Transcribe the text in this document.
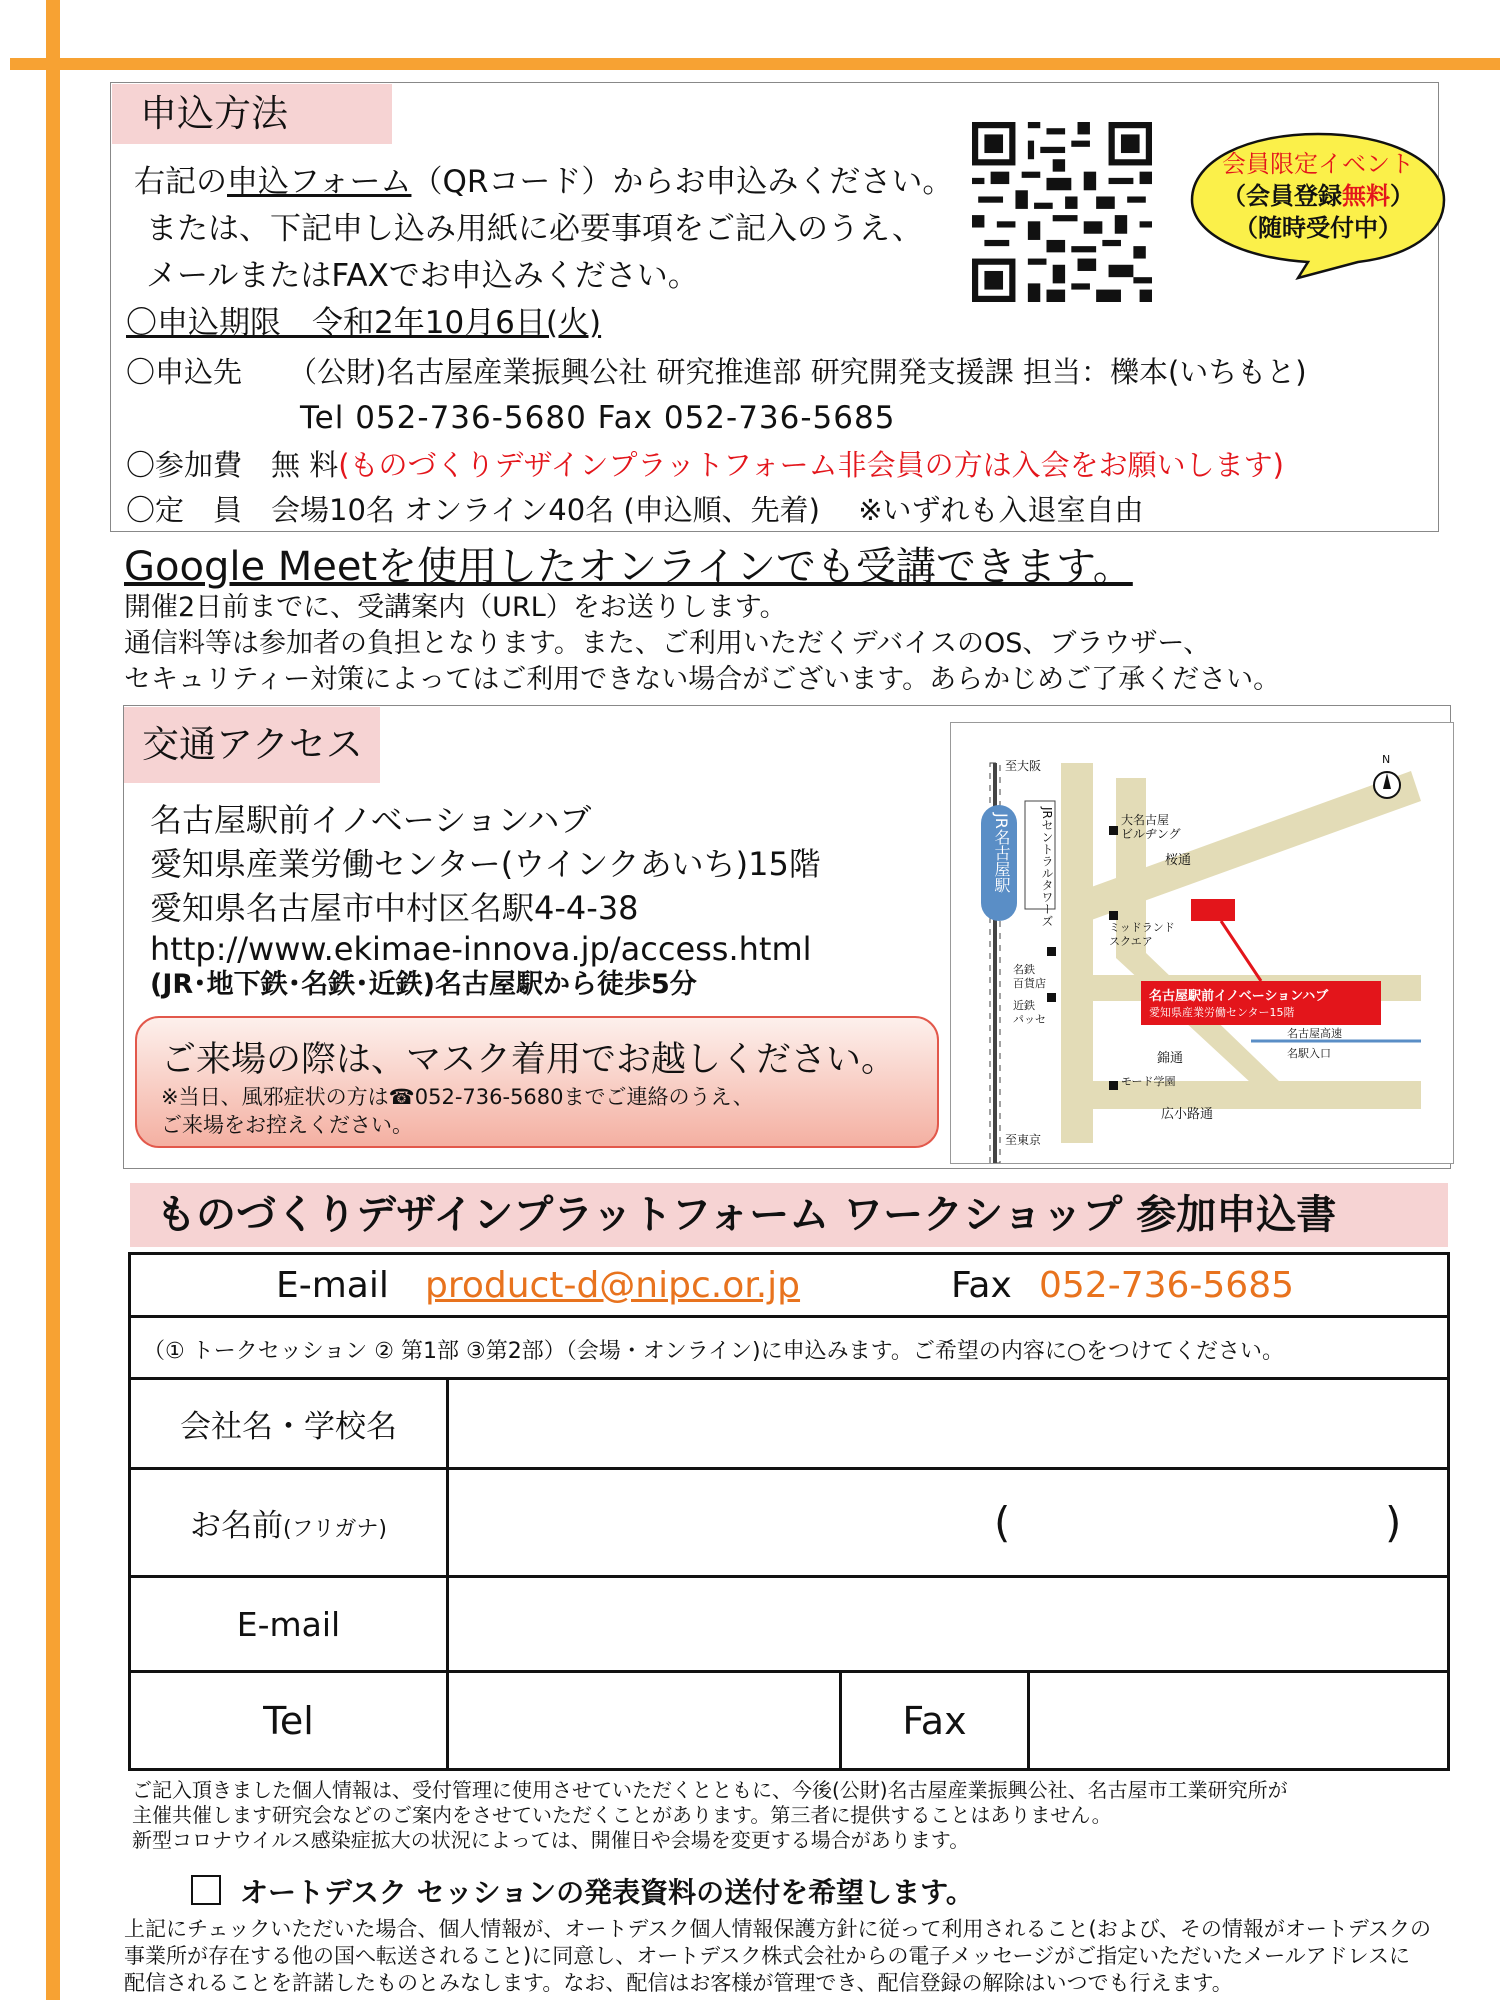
申込方法
右記の申込フォーム（QRコード）からお申込みください。
または、下記申し込み用紙に必要事項をご記入のうえ、
メールまたはFAXでお申込みください。
〇申込期限　令和2年10月6日(火)
〇申込先 （公財)名古屋産業振興公社 研究推進部 研究開発支援課 担当：櫟本(いちもと)
Tel 052-736-5680 Fax 052-736-5685
〇参加費　無 料(ものづくりデザインプラットフォーム非会員の方は入会をお願いします)
〇定　員　会場10名 オンライン40名 (申込順、先着)　 ※いずれも入退室自由
会員限定イベント
（会員登録無料）
（随時受付中）
Google Meetを使用したオンラインでも受講できます。
開催2日前までに、受講案内（URL）をお送りします。
通信料等は参加者の負担となります。また、ご利用いただくデバイスのOS、ブラウザー、
セキュリティー対策によってはご利用できない場合がございます。あらかじめご了承ください。
交通アクセス
名古屋駅前イノベーションハブ
愛知県産業労働センター(ウインクあいち)15階
愛知県名古屋市中村区名駅4-4-38
http://www.ekimae-innova.jp/access.html
(JR･地下鉄･名鉄･近鉄)名古屋駅から徒歩5分
ご来場の際は、マスク着用でお越しください。
※当日、風邪症状の方は☎052-736-5680までご連絡のうえ、
ご来場をお控えください。
N
至大阪
至東京
JR名古屋駅	JRセントラルタワーズ	大名古屋
ビルヂング
桜通
ミッドランド
スクエア
名鉄
百貨店
近鉄
パッセ
名古屋駅前イノベーションハブ
愛知県産業労働センター15階
錦通
名古屋高速
名駅入口
モード学園
広小路通
ものづくりデザインプラットフォーム ワークショップ 参加申込書
E-mail product-d@nipc.or.jp Fax 052-736-5685			

（① トークセッション ② 第1部 ③第2部）（会場・オンライン)に申込みます。ご希望の内容に○をつけてください。			

会社名・学校名			
お名前(フリガナ)	( )		

E-mail			
Tel		Fax	
ご記入頂きました個人情報は、受付管理に使用させていただくとともに、今後(公財)名古屋産業振興公社、名古屋市工業研究所が
主催共催します研究会などのご案内をさせていただくことがあります。第三者に提供することはありません。
新型コロナウイルス感染症拡大の状況によっては、開催日や会場を変更する場合があります。
オートデスク セッションの発表資料の送付を希望します。
上記にチェックいただいた場合、個人情報が、オートデスク個人情報保護方針に従って利用されること(および、その情報がオートデスクの
事業所が存在する他の国へ転送されること)に同意し、オートデスク株式会社からの電子メッセージがご指定いただいたメールアドレスに
配信されることを許諾したものとみなします。なお、配信はお客様が管理でき、配信登録の解除はいつでも行えます。
